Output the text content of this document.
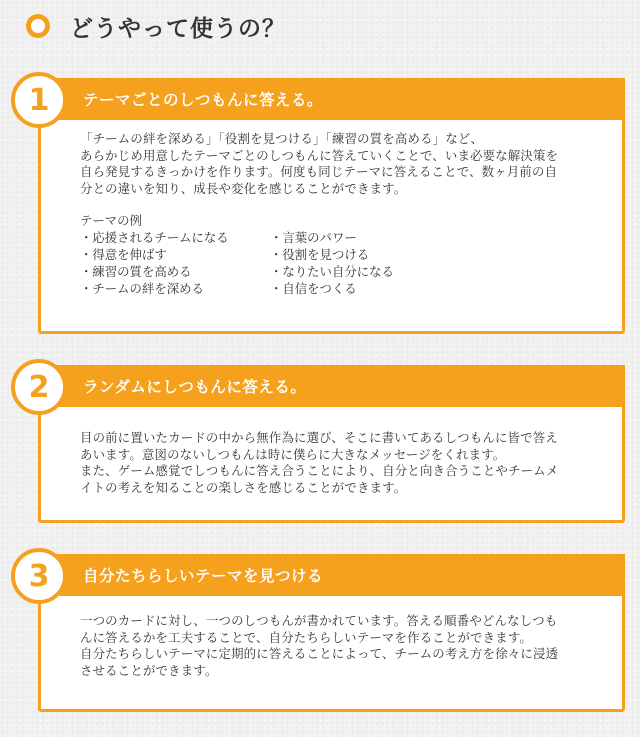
どうやって使うの？
テーマごとのしつもんに答える。
1

「チームの絆を深める」「役割を見つける」「練習の質を高める」など、

あらかじめ用意したテーマごとのしつもんに答えていくことで、いま必要な解決策を

自ら発見するきっかけを作ります。何度も同じテーマに答えることで、数ヶ月前の自

分との違いを知り、成長や変化を感じることができます。

テーマの例

・応援されるチームになる

・得意を伸ばす

・練習の質を高める

・チームの絆を深める

・言葉のパワー

・役割を見つける

・なりたい自分になる

・自信をつくる

ランダムにしつもんに答える。
2

目の前に置いたカードの中から無作為に選び、そこに書いてあるしつもんに皆で答え

あいます。意図のないしつもんは時に僕らに大きなメッセージをくれます。

また、ゲーム感覚でしつもんに答え合うことにより、自分と向き合うことやチームメ

イトの考えを知ることの楽しさを感じることができます。

自分たちらしいテーマを見つける
3

一つのカードに対し、一つのしつもんが書かれています。答える順番やどんなしつも

んに答えるかを工夫することで、自分たちらしいテーマを作ることができます。

自分たちらしいテーマに定期的に答えることによって、チームの考え方を徐々に浸透

させることができます。
